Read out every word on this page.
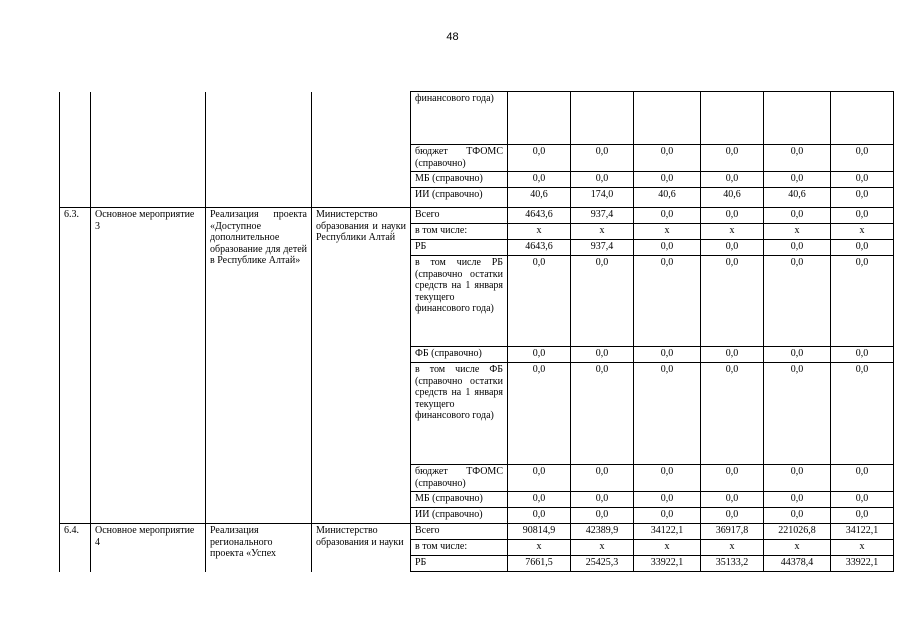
48
				финансового года)						
				бюджет ТФОМС (справочно)	0,0	0,0	0,0	0,0	0,0	0,0
				МБ (справочно)	0,0	0,0	0,0	0,0	0,0	0,0
				ИИ (справочно)	40,6	174,0	40,6	40,6	40,6	0,0
6.3.	Основное мероприятие 3	Реализация проекта «Доступное дополнительное образование для детей в Республике Алтай»	Министерство образования и науки Республики Алтай	Всего	4643,6	937,4	0,0	0,0	0,0	0,0
				в том числе:	х	х	х	х	х	х
				РБ	4643,6	937,4	0,0	0,0	0,0	0,0
				в том числе РБ (справочно остатки средств на 1 января текущего финансового года)	0,0	0,0	0,0	0,0	0,0	0,0
				ФБ (справочно)	0,0	0,0	0,0	0,0	0,0	0,0
				в том числе ФБ (справочно остатки средств на 1 января текущего финансового года)	0,0	0,0	0,0	0,0	0,0	0,0
				бюджет ТФОМС (справочно)	0,0	0,0	0,0	0,0	0,0	0,0
				МБ (справочно)	0,0	0,0	0,0	0,0	0,0	0,0
				ИИ (справочно)	0,0	0,0	0,0	0,0	0,0	0,0
6.4.	Основное мероприятие 4	Реализация регионального проекта «Успех	Министерство образования и науки	Всего	90814,9	42389,9	34122,1	36917,8	221026,8	34122,1
				в том числе:	х	х	х	х	х	х
				РБ	7661,5	25425,3	33922,1	35133,2	44378,4	33922,1
